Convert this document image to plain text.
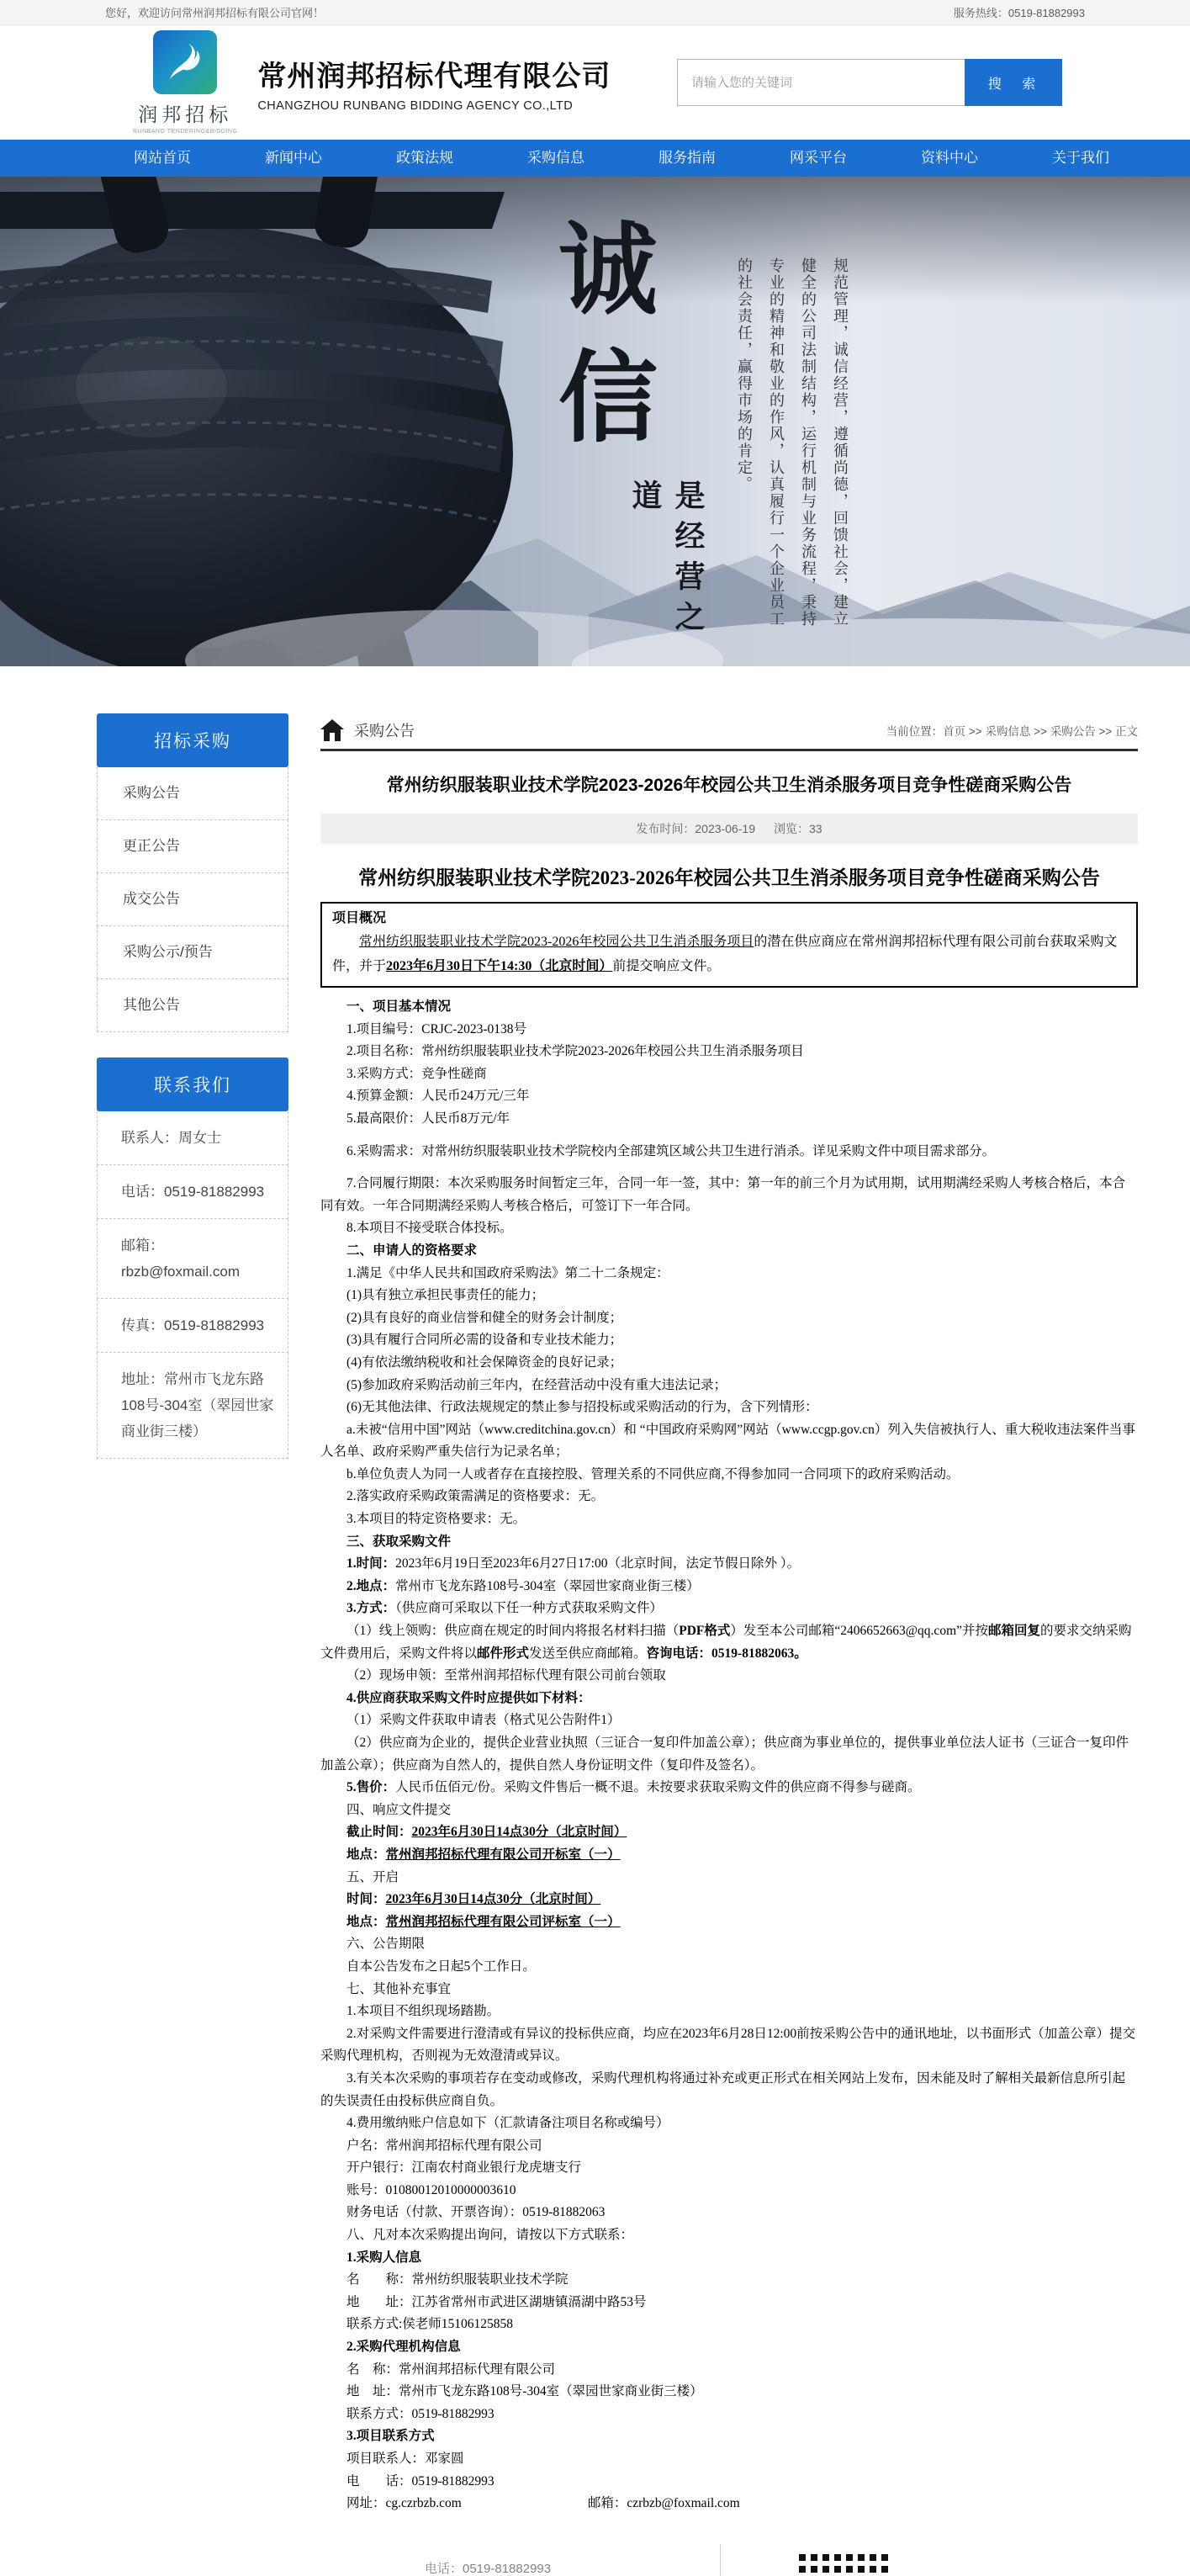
您好，欢迎访问常州润邦招标有限公司官网！	服务热线：0519-81882993
润邦招标
RUNBANG TENDERING&BIDDING
常州润邦招标代理有限公司
CHANGZHOU RUNBANG BIDDING AGENCY CO.,LTD
请输入您的关键词
搜 索
网站首页	新闻中心	政策法规	采购信息	服务指南	网采平台	资料中心	关于我们
诚信
是经营之道	规范管理，诚信经营，遵循尚德，回馈社会，建立健全的公司法制结构，运行机制与业务流程，秉持专业的精神和敬业的作风，认真履行一个企业员工的社会责任，赢得市场的肯定。
招标采购
采购公告
更正公告
成交公告
采购公示/预告
其他公告
联系我们
联系人：周女士
电话：0519-81882993
邮箱：rbzb@foxmail.com
传真：0519-81882993
地址：常州市飞龙东路108号-304室（翠园世家商业街三楼）
采购公告	当前位置：首页 >> 采购信息 >> 采购公告 >> 正文
常州纺织服装职业技术学院2023-2026年校园公共卫生消杀服务项目竞争性磋商采购公告
发布时间：2023-06-19 浏览：33
常州纺织服装职业技术学院2023-2026年校园公共卫生消杀服务项目竞争性磋商采购公告
项目概况
常州纺织服装职业技术学院2023-2026年校园公共卫生消杀服务项目的潜在供应商应在常州润邦招标代理有限公司前台获取采购文件，并于2023年6月30日下午14:30（北京时间）前提交响应文件。

一、项目基本情况

1.项目编号：CRJC-2023-0138号

2.项目名称：常州纺织服装职业技术学院2023-2026年校园公共卫生消杀服务项目

3.采购方式：竞争性磋商

4.预算金额：人民币24万元/三年

5.最高限价：人民币8万元/年

6.采购需求：对常州纺织服装职业技术学院校内全部建筑区域公共卫生进行消杀。详见采购文件中项目需求部分。

7.合同履行期限：本次采购服务时间暂定三年，合同一年一签，其中：第一年的前三个月为试用期，试用期满经采购人考核合格后，本合同有效。一年合同期满经采购人考核合格后，可签订下一年合同。

8.本项目不接受联合体投标。

二、申请人的资格要求

1.满足《中华人民共和国政府采购法》第二十二条规定：

(1)具有独立承担民事责任的能力；

(2)具有良好的商业信誉和健全的财务会计制度；

(3)具有履行合同所必需的设备和专业技术能力；

(4)有依法缴纳税收和社会保障资金的良好记录；

(5)参加政府采购活动前三年内，在经营活动中没有重大违法记录；

(6)无其他法律、行政法规规定的禁止参与招投标或采购活动的行为，含下列情形：

a.未被“信用中国”网站（www.creditchina.gov.cn）和 “中国政府采购网”网站（www.ccgp.gov.cn）列入失信被执行人、重大税收违法案件当事人名单、政府采购严重失信行为记录名单；

b.单位负责人为同一人或者存在直接控股、管理关系的不同供应商,不得参加同一合同项下的政府采购活动。

2.落实政府采购政策需满足的资格要求：无。

3.本项目的特定资格要求：无。

三、获取采购文件

1.时间：2023年6月19日至2023年6月27日17:00（北京时间，法定节假日除外 ）。

2.地点：常州市飞龙东路108号-304室（翠园世家商业街三楼）

3.方式：（供应商可采取以下任一种方式获取采购文件）

（1）线上领购：供应商在规定的时间内将报名材料扫描（PDF格式）发至本公司邮箱“2406652663@qq.com”并按邮箱回复的要求交纳采购文件费用后，采购文件将以邮件形式发送至供应商邮箱。咨询电话：0519-81882063。

（2）现场申领：至常州润邦招标代理有限公司前台领取

4.供应商获取采购文件时应提供如下材料：

（1）采购文件获取申请表（格式见公告附件1）

（2）供应商为企业的，提供企业营业执照（三证合一复印件加盖公章）；供应商为事业单位的，提供事业单位法人证书（三证合一复印件加盖公章）；供应商为自然人的，提供自然人身份证明文件（复印件及签名）。

5.售价：人民币伍佰元/份。采购文件售后一概不退。未按要求获取采购文件的供应商不得参与磋商。

四、响应文件提交

截止时间：2023年6月30日14点30分（北京时间）

地点：常州润邦招标代理有限公司开标室（一）

五、开启

时间：2023年6月30日14点30分（北京时间）

地点：常州润邦招标代理有限公司评标室（一）

六、公告期限

自本公告发布之日起5个工作日。

七、其他补充事宜

1.本项目不组织现场踏勘。

2.对采购文件需要进行澄清或有异议的投标供应商，均应在2023年6月28日12:00前按采购公告中的通讯地址，以书面形式（加盖公章）提交采购代理机构，否则视为无效澄清或异议。

3.有关本次采购的事项若存在变动或修改，采购代理机构将通过补充或更正形式在相关网站上发布，因未能及时了解相关最新信息所引起的失误责任由投标供应商自负。

4.费用缴纳账户信息如下（汇款请备注项目名称或编号）

户名：常州润邦招标代理有限公司

开户银行：江南农村商业银行龙虎塘支行

账号：01080012010000003610

财务电话（付款、开票咨询）：0519-81882063

八、凡对本次采购提出询问，请按以下方式联系：

1.采购人信息

名　　称：常州纺织服装职业技术学院

地　　址：江苏省常州市武进区湖塘镇滆湖中路53号

联系方式:侯老师15106125858

2.采购代理机构信息

名　称：常州润邦招标代理有限公司

地　址：常州市飞龙东路108号-304室（翠园世家商业街三楼）

联系方式：0519-81882993

3.项目联系方式

项目联系人：邓家圆

电　　话：0519-81882993

网址：cg.czrbzb.com	邮箱：czrbzb@foxmail.com

电话：0519-81882993
